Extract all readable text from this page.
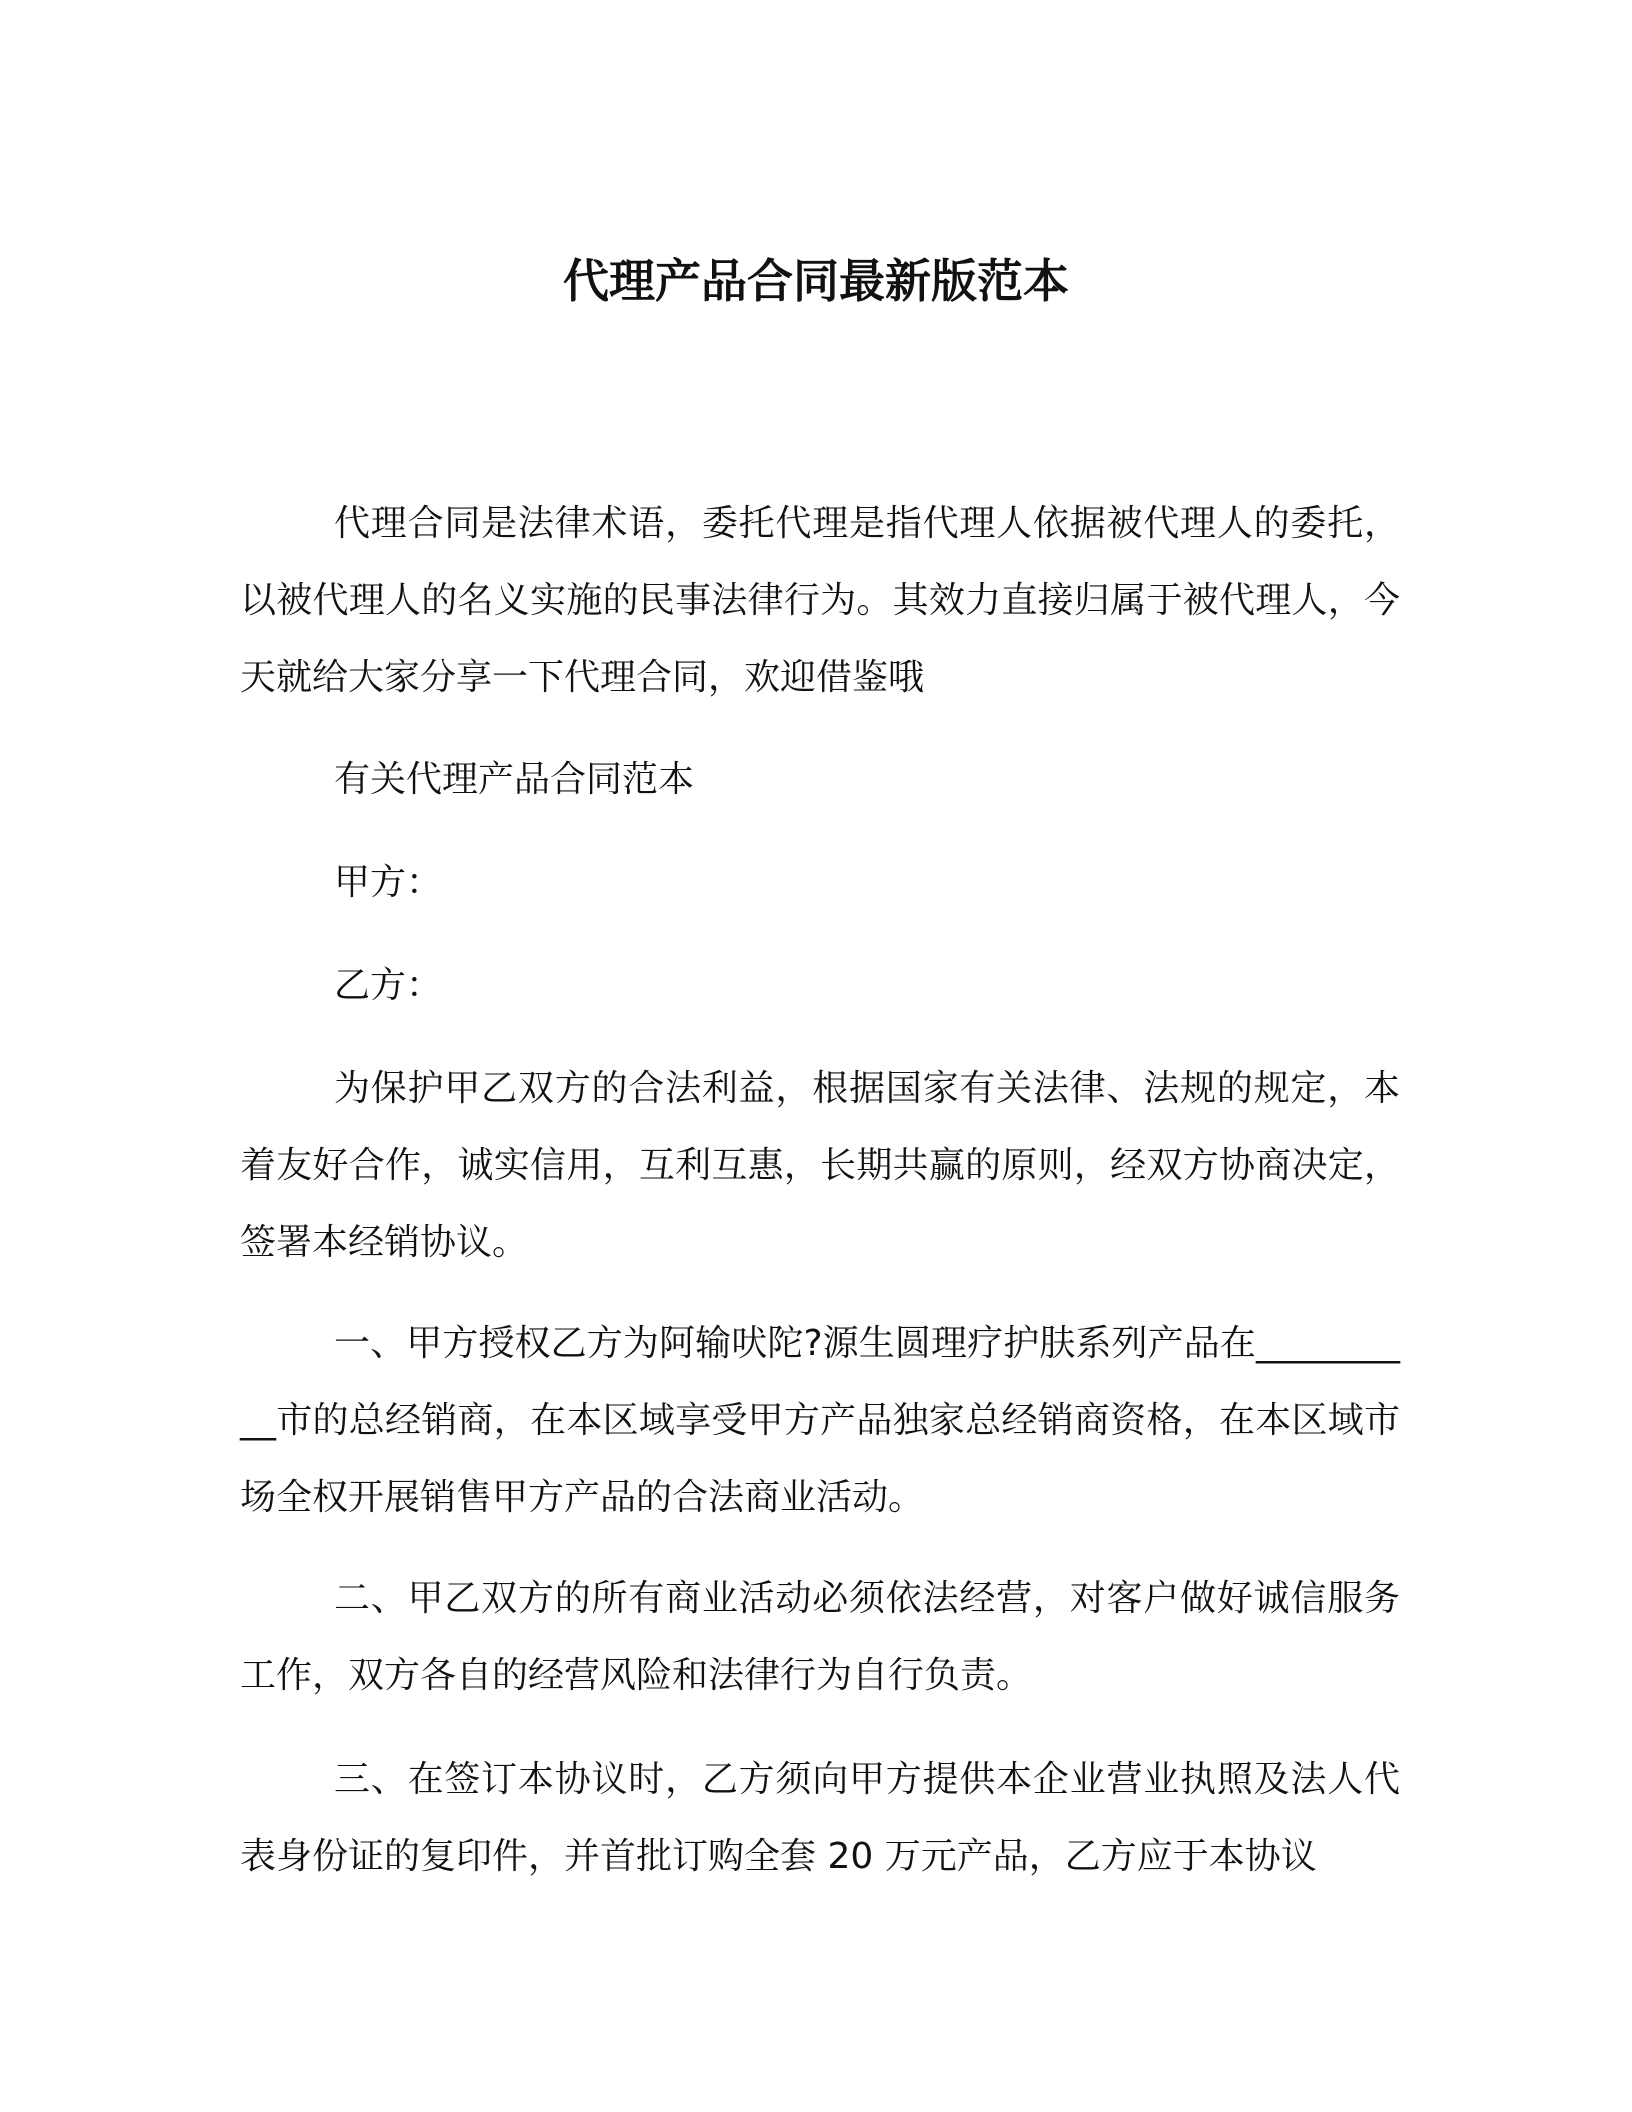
代理产品合同最新版范本

代理合同是法律术语，委托代理是指代理人依据被代理人的委托，以被代理人的名义实施的民事法律行为。其效力直接归属于被代理人，今天就给大家分享一下代理合同，欢迎借鉴哦

有关代理产品合同范本

甲方：

乙方：

为保护甲乙双方的合法利益，根据国家有关法律、法规的规定，本着友好合作，诚实信用，互利互惠，长期共赢的原则，经双方协商决定，签署本经销协议。

一、甲方授权乙方为阿输吠陀?源生圆理疗护肤系列产品在__________市的总经销商，在本区域享受甲方产品独家总经销商资格，在本区域市场全权开展销售甲方产品的合法商业活动。

二、甲乙双方的所有商业活动必须依法经营，对客户做好诚信服务工作，双方各自的经营风险和法律行为自行负责。

三、在签订本协议时，乙方须向甲方提供本企业营业执照及法人代表身份证的复印件，并首批订购全套 20 万元产品，乙方应于本协议
